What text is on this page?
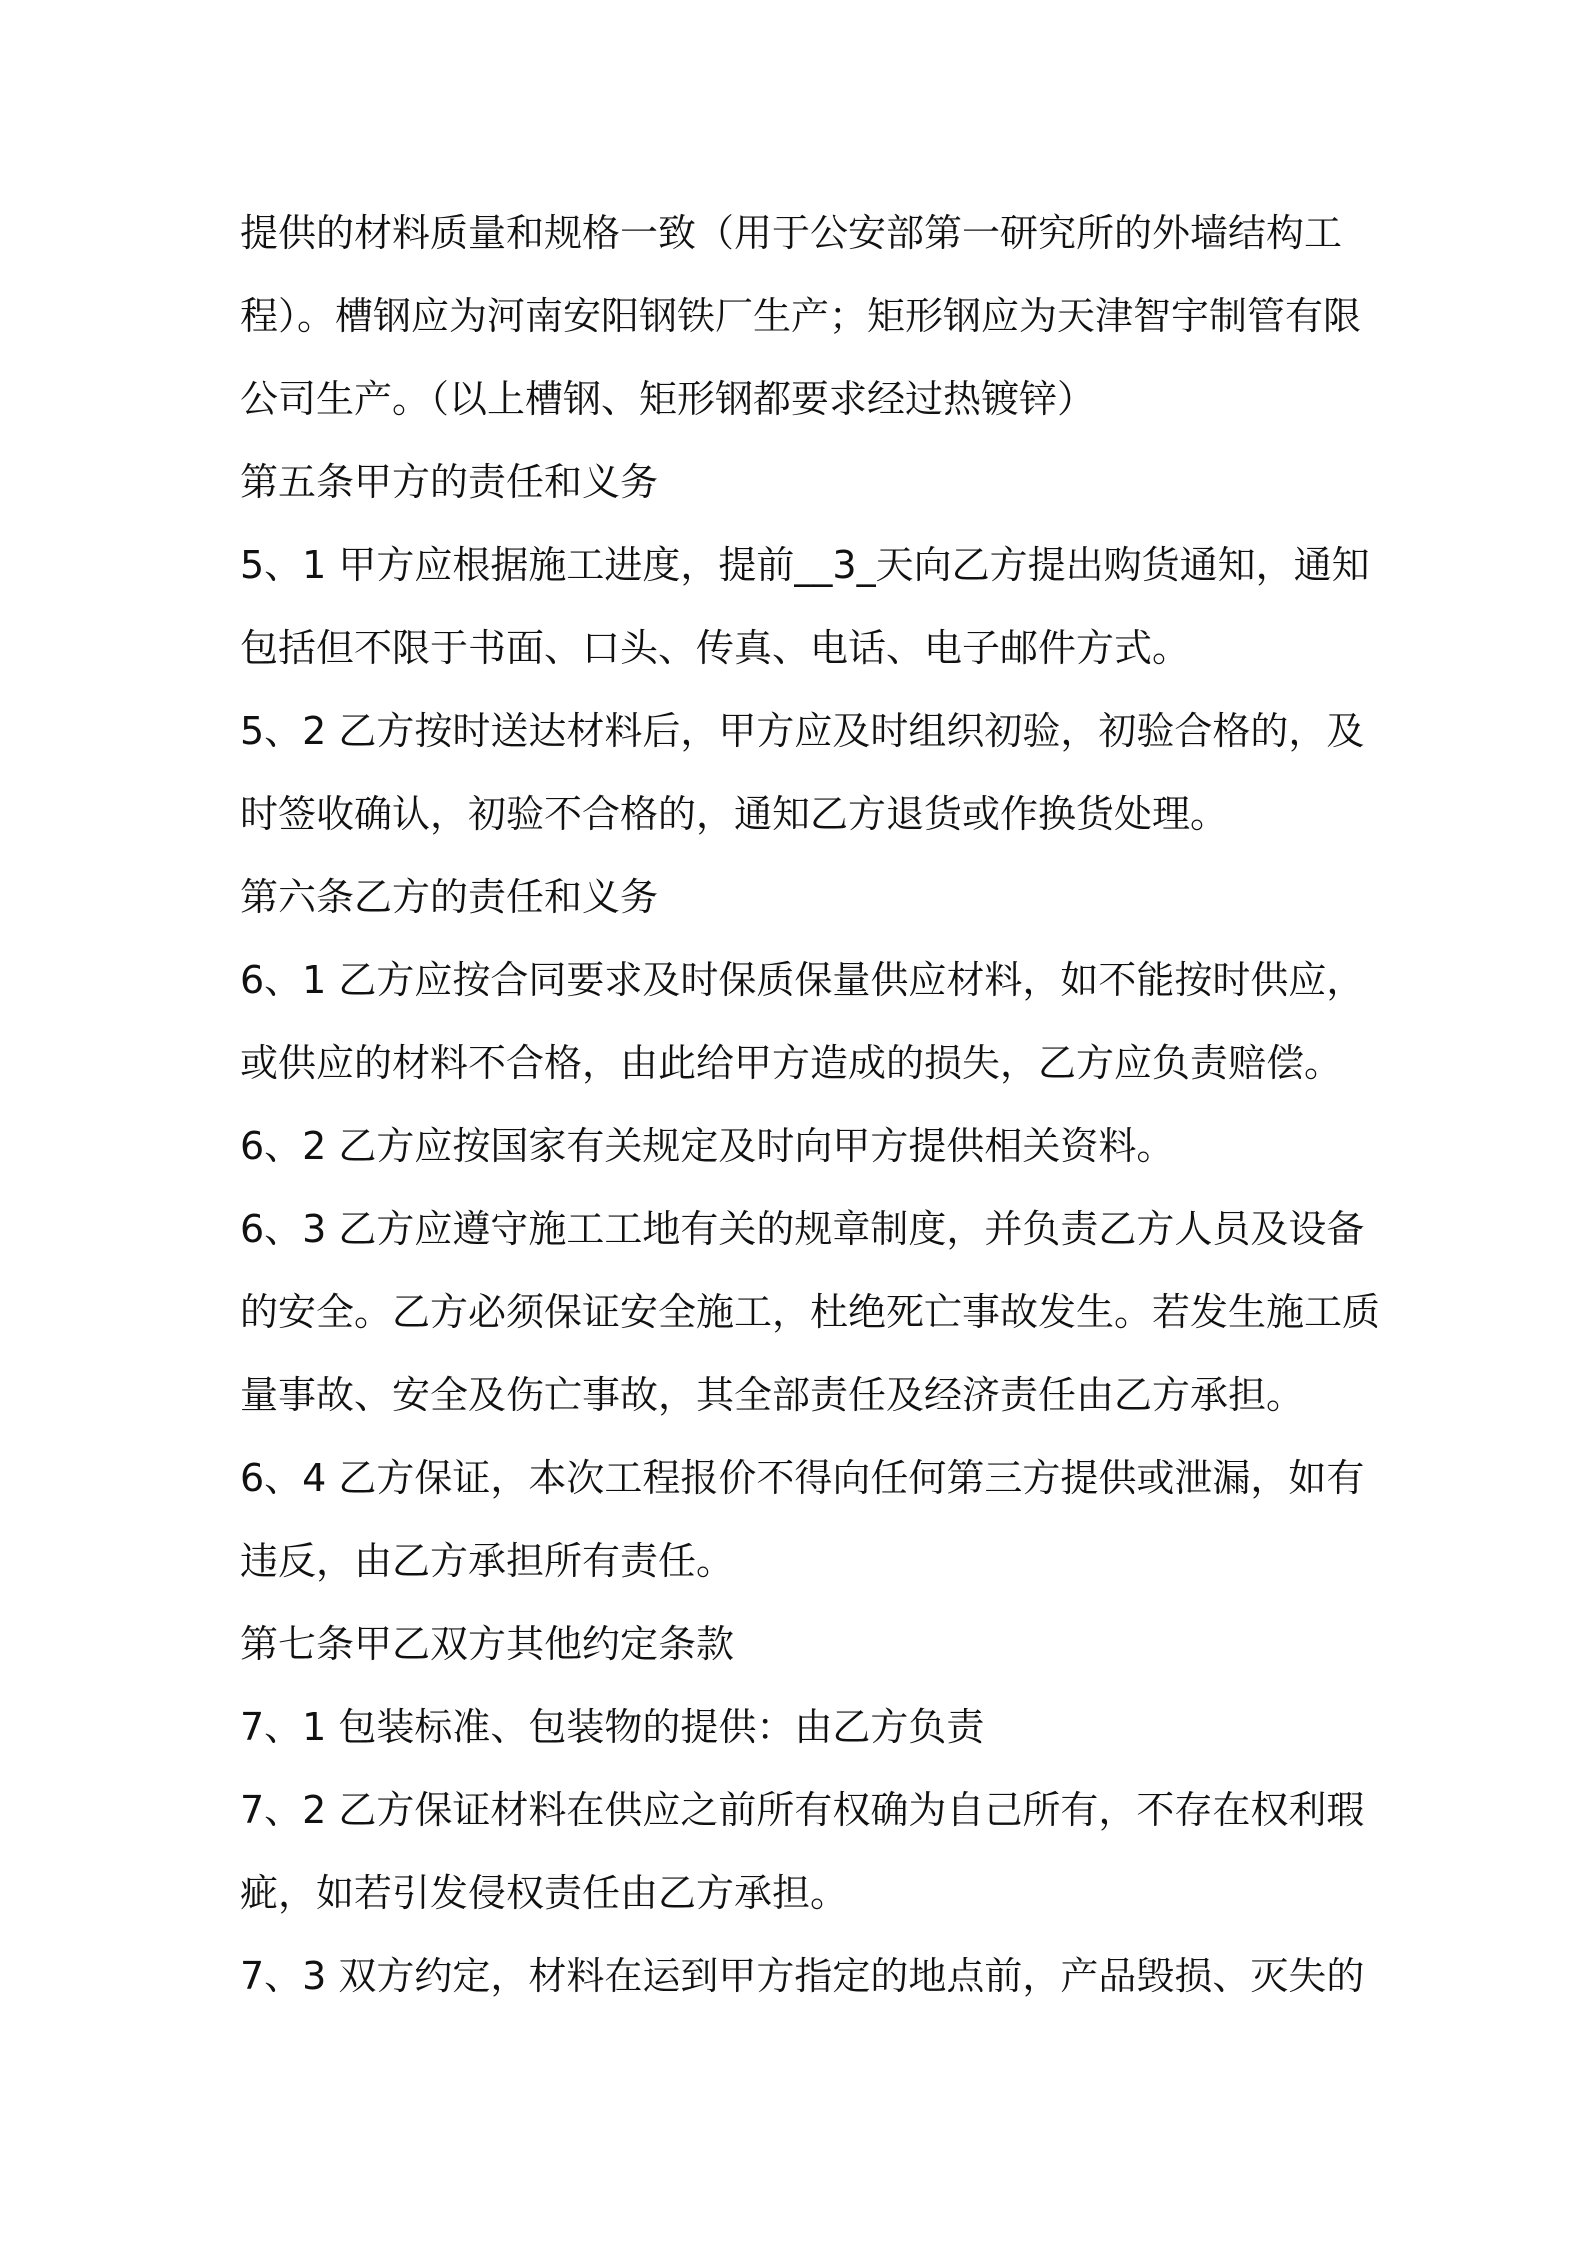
提供的材料质量和规格一致（用于公安部第一研究所的外墙结构工
程）。槽钢应为河南安阳钢铁厂生产；矩形钢应为天津智宇制管有限
公司生产。（以上槽钢、矩形钢都要求经过热镀锌）
第五条甲方的责任和义务
5、1 甲方应根据施工进度，提前__3_天向乙方提出购货通知，通知
包括但不限于书面、口头、传真、电话、电子邮件方式。
5、2 乙方按时送达材料后，甲方应及时组织初验，初验合格的，及
时签收确认，初验不合格的，通知乙方退货或作换货处理。
第六条乙方的责任和义务
6、1 乙方应按合同要求及时保质保量供应材料，如不能按时供应，
或供应的材料不合格，由此给甲方造成的损失，乙方应负责赔偿。
6、2 乙方应按国家有关规定及时向甲方提供相关资料。
6、3 乙方应遵守施工工地有关的规章制度，并负责乙方人员及设备
的安全。乙方必须保证安全施工，杜绝死亡事故发生。若发生施工质
量事故、安全及伤亡事故，其全部责任及经济责任由乙方承担。
6、4 乙方保证，本次工程报价不得向任何第三方提供或泄漏，如有
违反，由乙方承担所有责任。
第七条甲乙双方其他约定条款
7、1 包装标准、包装物的提供：由乙方负责
7、2 乙方保证材料在供应之前所有权确为自己所有，不存在权利瑕
疵，如若引发侵权责任由乙方承担。
7、3 双方约定，材料在运到甲方指定的地点前，产品毁损、灭失的
